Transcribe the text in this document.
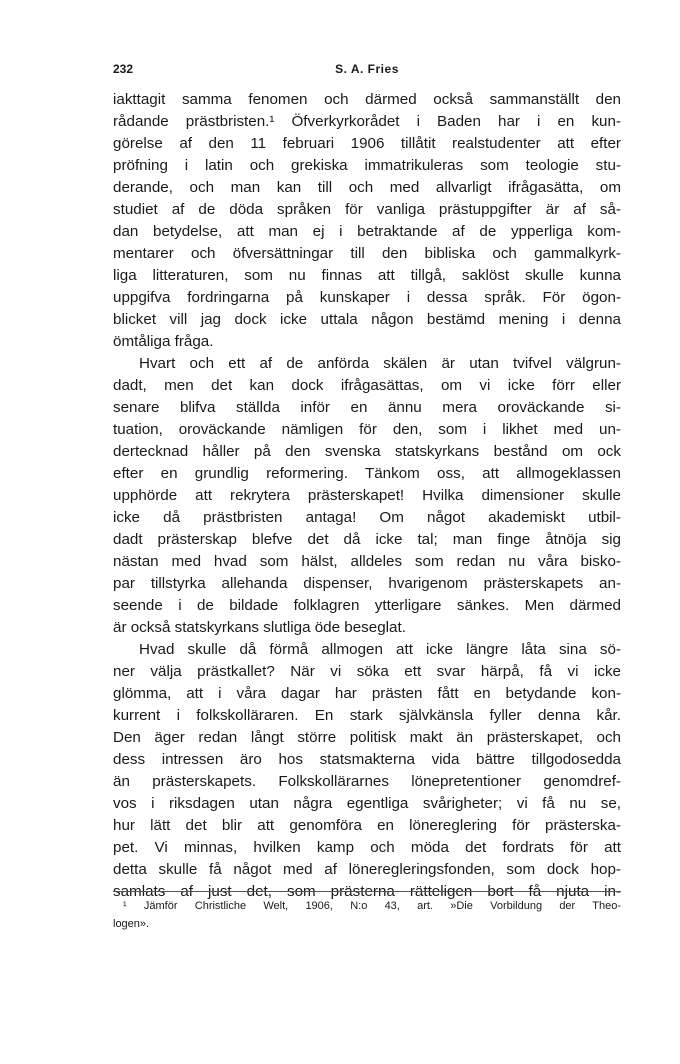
232	S. A. Fries
iakttagit samma fenomen och därmed också sammanställt den
rådande prästbristen.¹ Öfverkyrkorådet i Baden har i en kun-
görelse af den 11 februari 1906 tillåtit realstudenter att efter
pröfning i latin och grekiska immatrikuleras som teologie stu-
derande, och man kan till och med allvarligt ifrågasätta, om
studiet af de döda språken för vanliga prästuppgifter är af så-
dan betydelse, att man ej i betraktande af de ypperliga kom-
mentarer och öfversättningar till den bibliska och gammalkyrk-
liga litteraturen, som nu finnas att tillgå, saklöst skulle kunna
uppgifva fordringarna på kunskaper i dessa språk. För ögon-
blicket vill jag dock icke uttala någon bestämd mening i denna
ömtåliga fråga.
Hvart och ett af de anförda skälen är utan tvifvel välgrun-
dadt, men det kan dock ifrågasättas, om vi icke förr eller
senare blifva ställda inför en ännu mera oroväckande si-
tuation, oroväckande nämligen för den, som i likhet med un-
dertecknad håller på den svenska statskyrkans bestånd om ock
efter en grundlig reformering. Tänkom oss, att allmogeklassen
upphörde att rekrytera prästerskapet! Hvilka dimensioner skulle
icke då prästbristen antaga! Om något akademiskt utbil-
dadt prästerskap blefve det då icke tal; man finge åtnöja sig
nästan med hvad som hälst, alldeles som redan nu våra bisko-
par tillstyrka allehanda dispenser, hvarigenom prästerskapets an-
seende i de bildade folklagren ytterligare sänkes. Men därmed
är också statskyrkans slutliga öde beseglat.
Hvad skulle då förmå allmogen att icke längre låta sina sö-
ner välja prästkallet? När vi söka ett svar härpå, få vi icke
glömma, att i våra dagar har prästen fått en betydande kon-
kurrent i folkskolläraren. En stark självkänsla fyller denna kår.
Den äger redan långt större politisk makt än prästerskapet, och
dess intressen äro hos statsmakterna vida bättre tillgodosedda
än prästerskapets. Folkskollärarnes lönepretentioner genomdref-
vos i riksdagen utan några egentliga svårigheter; vi få nu se,
hur lätt det blir att genomföra en lönereglering för prästerska-
pet. Vi minnas, hvilken kamp och möda det fordrats för att
detta skulle få något med af löneregleringsfonden, som dock hop-
samlats af just det, som prästerna rätteligen bort få njuta in-
¹ Jämför Christliche Welt, 1906, N:o 43, art. »Die Vorbildung der Theo-
logen».
